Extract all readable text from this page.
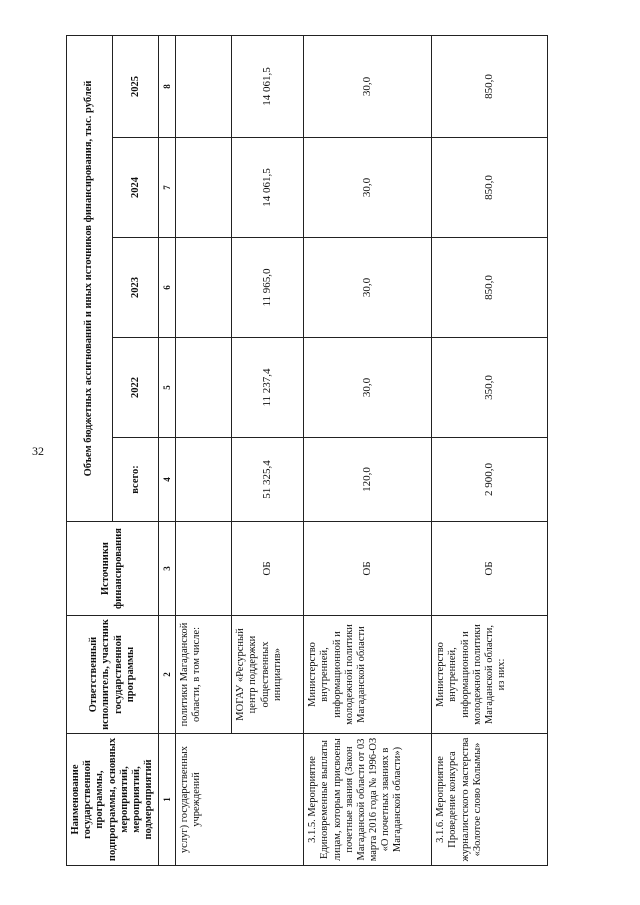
32
Наименование государственной программы, подпрограммы, основных мероприятий, мероприятий, подмероприятий	Ответственный исполнитель, участник государственной программы	Источники финансирования	Объем бюджетных ассигнований и иных источников финансирования, тыс. рублей				
			всего:	2022	2023	2024	2025
1	2	3	4	5	6	7	8
услуг) государственных учреждений	политики Магаданской области, в том числе:						
	МОГАУ «Ресурсный центр поддержки общественных инициатив»	ОБ	51 325,4	11 237,4	11 965,0	14 061,5	14 061,5
3.1.5. Мероприятие Единовременные выплаты лицам, которым присвоены почетные звания (Закон Магаданской области от 03 марта 2016 года № 1996-ОЗ «О почетных званиях в Магаданской области»)	Министерство внутренней, информационной и молодежной политики Магаданской области	ОБ	120,0	30,0	30,0	30,0	30,0
3.1.6. Мероприятие Проведение конкурса журналистского мастерства «Золотое слово Колымы»	Министерство внутренней, информационной и молодежной политики Магаданской области, из них:	ОБ	2 900,0	350,0	850,0	850,0	850,0
